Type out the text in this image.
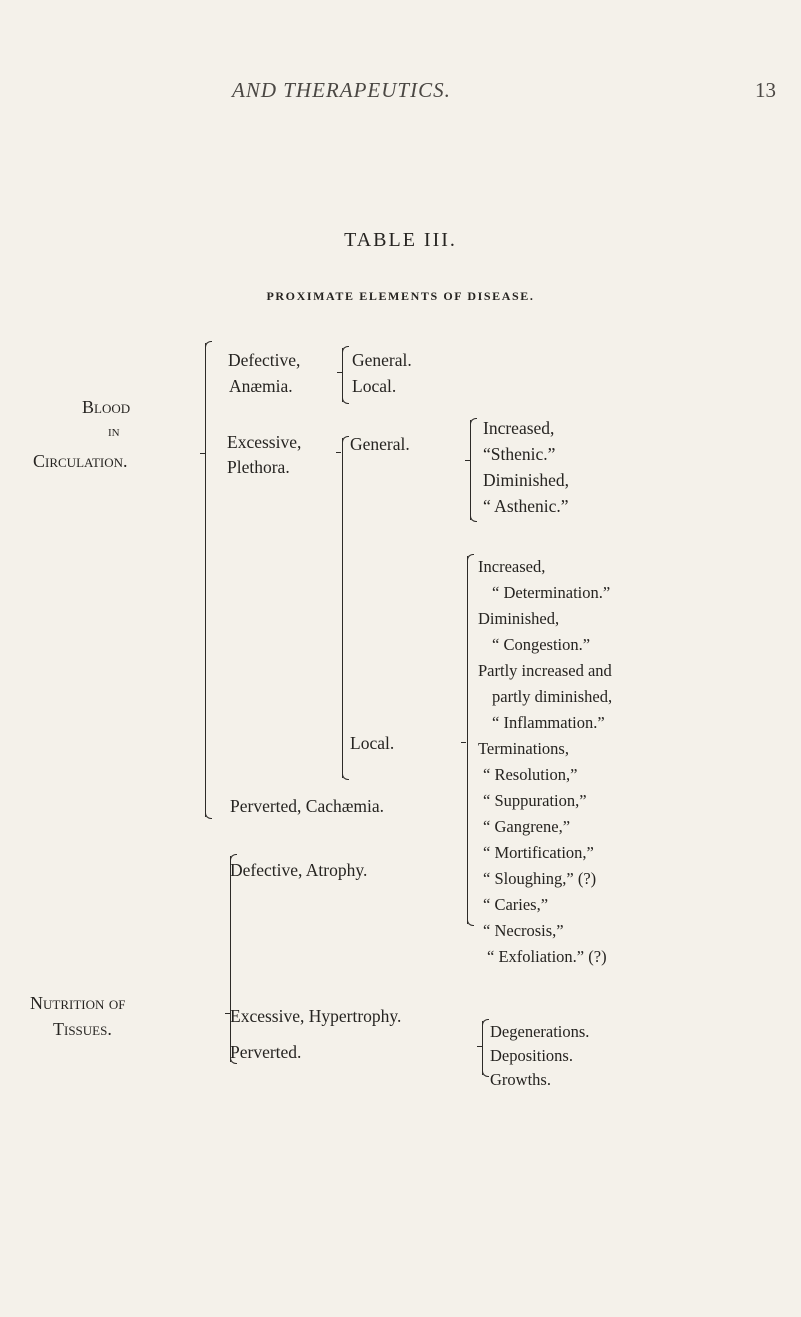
AND THERAPEUTICS.	13
TABLE III.
PROXIMATE ELEMENTS OF DISEASE.
Blood
in
Circulation.
Defective,
Anæmia.
General.
Local.
Excessive,
Plethora.
General.
Increased,
“Sthenic.”
Diminished,
“ Asthenic.”
Local.
Increased,
“ Determination.”
Diminished,
“ Congestion.”
Partly increased and
partly diminished,
“ Inflammation.”
Terminations,
“ Resolution,”
“ Suppuration,”
“ Gangrene,”
“ Mortification,”
“ Sloughing,” (?)
“ Caries,”
“ Necrosis,”
“ Exfoliation.” (?)
Perverted, Cachæmia.
Nutrition of
Tissues.
Defective, Atrophy.
Excessive, Hypertrophy.
Perverted.
Degenerations.
Depositions.
Growths.
